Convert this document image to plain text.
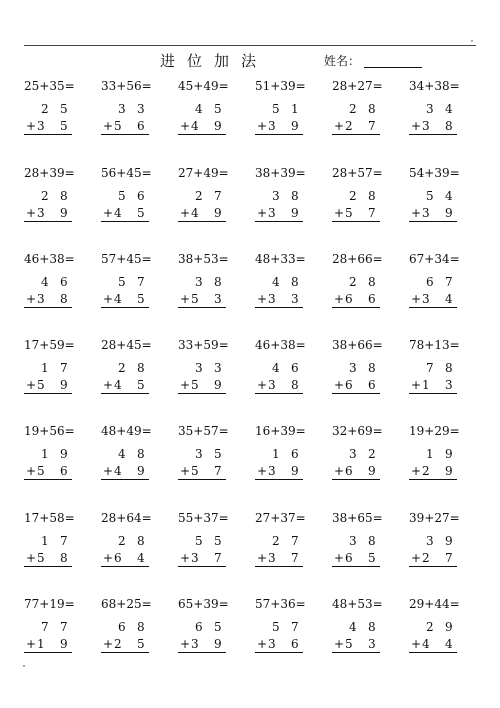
进位加法	姓名：
25+35=
2 5
+ 3 5
33+56=
3 3
+ 5 6
45+49=
4 5
+ 4 9
51+39=
5 1
+ 3 9
28+27=
2 8
+ 2 7
34+38=
3 4
+ 3 8
28+39=
2 8
+ 3 9
56+45=
5 6
+ 4 5
27+49=
2 7
+ 4 9
38+39=
3 8
+ 3 9
28+57=
2 8
+ 5 7
54+39=
5 4
+ 3 9
46+38=
4 6
+ 3 8
57+45=
5 7
+ 4 5
38+53=
3 8
+ 5 3
48+33=
4 8
+ 3 3
28+66=
2 8
+ 6 6
67+34=
6 7
+ 3 4
17+59=
1 7
+ 5 9
28+45=
2 8
+ 4 5
33+59=
3 3
+ 5 9
46+38=
4 6
+ 3 8
38+66=
3 8
+ 6 6
78+13=
7 8
+ 1 3
19+56=
1 9
+ 5 6
48+49=
4 8
+ 4 9
35+57=
3 5
+ 5 7
16+39=
1 6
+ 3 9
32+69=
3 2
+ 6 9
19+29=
1 9
+ 2 9
17+58=
1 7
+ 5 8
28+64=
2 8
+ 6 4
55+37=
5 5
+ 3 7
27+37=
2 7
+ 3 7
38+65=
3 8
+ 6 5
39+27=
3 9
+ 2 7
77+19=
7 7
+ 1 9
68+25=
6 8
+ 2 5
65+39=
6 5
+ 3 9
57+36=
5 7
+ 3 6
48+53=
4 8
+ 5 3
29+44=
2 9
+ 4 4
